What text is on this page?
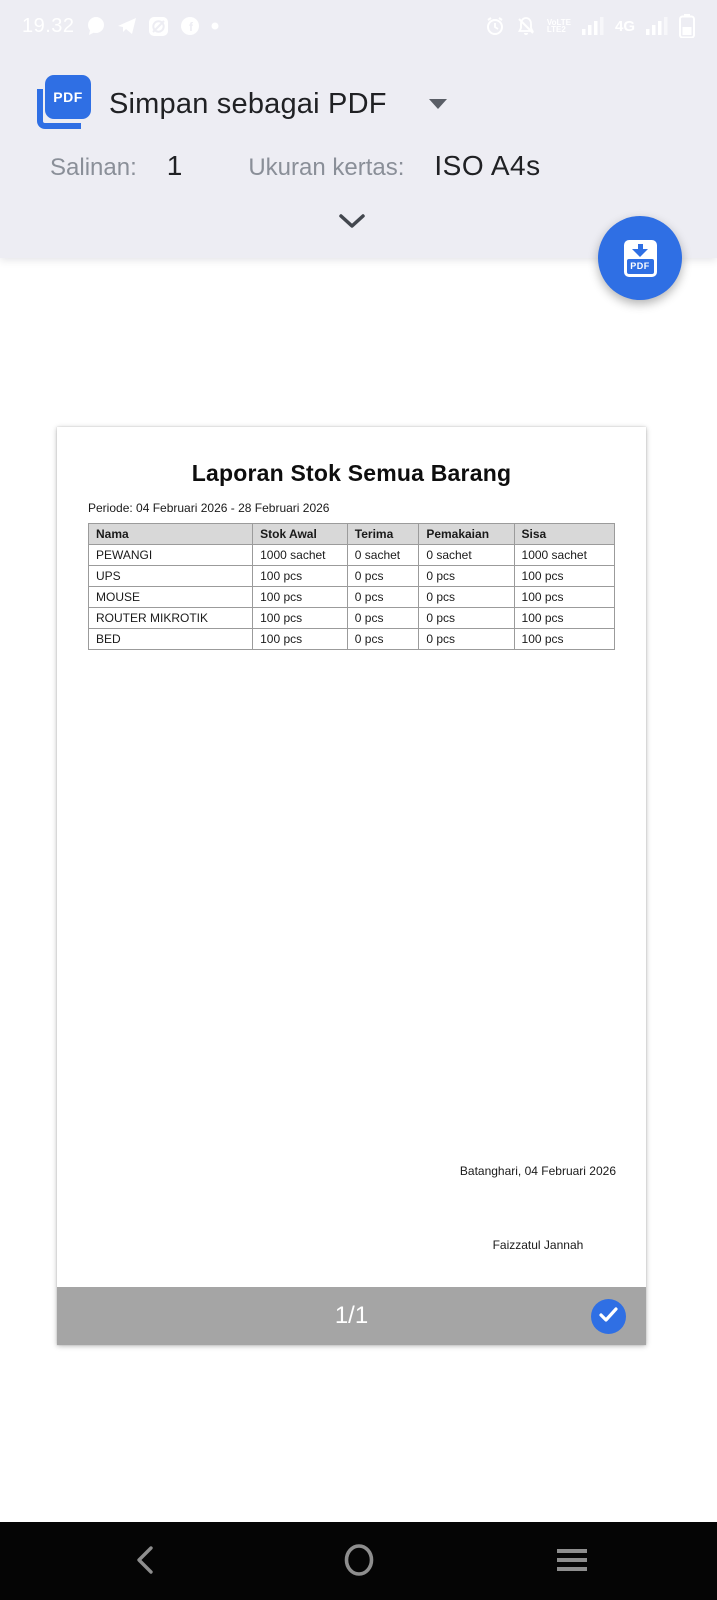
19.32	f	VoLTE
LTE2	4G
PDF Simpan sebagai PDF
Salinan: 1	Ukuran kertas: ISO A4s
PDF
Laporan Stok Semua Barang
Periode: 04 Februari 2026 - 28 Februari 2026
Nama	Stok Awal	Terima	Pemakaian	Sisa
PEWANGI	1000 sachet	0 sachet	0 sachet	1000 sachet
UPS	100 pcs	0 pcs	0 pcs	100 pcs
MOUSE	100 pcs	0 pcs	0 pcs	100 pcs
ROUTER MIKROTIK	100 pcs	0 pcs	0 pcs	100 pcs
BED	100 pcs	0 pcs	0 pcs	100 pcs
Batanghari, 04 Februari 2026
Faizzatul Jannah
1/1
